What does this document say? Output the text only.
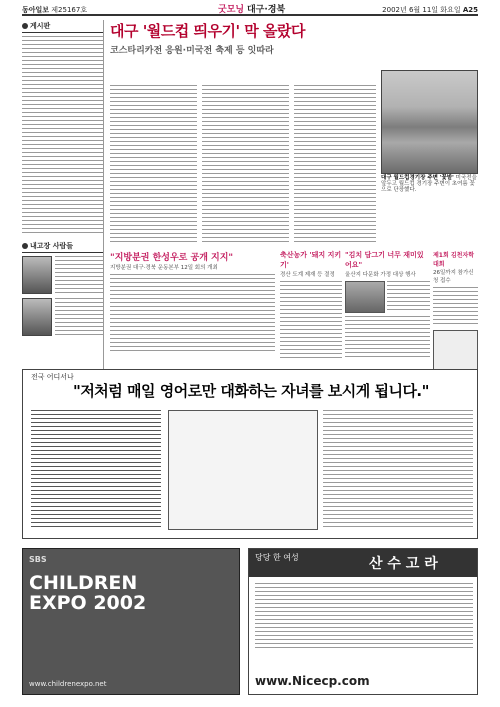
동아일보 제25167호	굿모닝 대구·경북	2002년 6월 11일 화요일 A25
게시판
내고장 사람들
대구 '월드컵 띄우기' 막 올랐다
코스타리카전 응원·미국전 축제 등 잇따라
대구 월드컵경기장 주변 '꽃밭' 미국전을 앞두고 월드컵 경기장 주변이 초여름 꽃으로 단장했다.
"지방분권 한성우로 공개 지지"
지방분권 대구·경북 운동본부 12일 회의 개최
축산농가 '돼지 지키기'
경산 도계 제재 등 결정
"김치 담그기 너무 재미있어요"
울산지 다문화 가정 대상 행사
제1회 김천자학대회
26일까지 참가신청 접수
전국 어디서나
"저처럼 매일 영어로만 대화하는 자녀를 보시게 됩니다."
SBS
CHILDREN
EXPO 2002
www.childrenexpo.net
당당 한 여성	산 수 고 라
www.Nicecp.com
